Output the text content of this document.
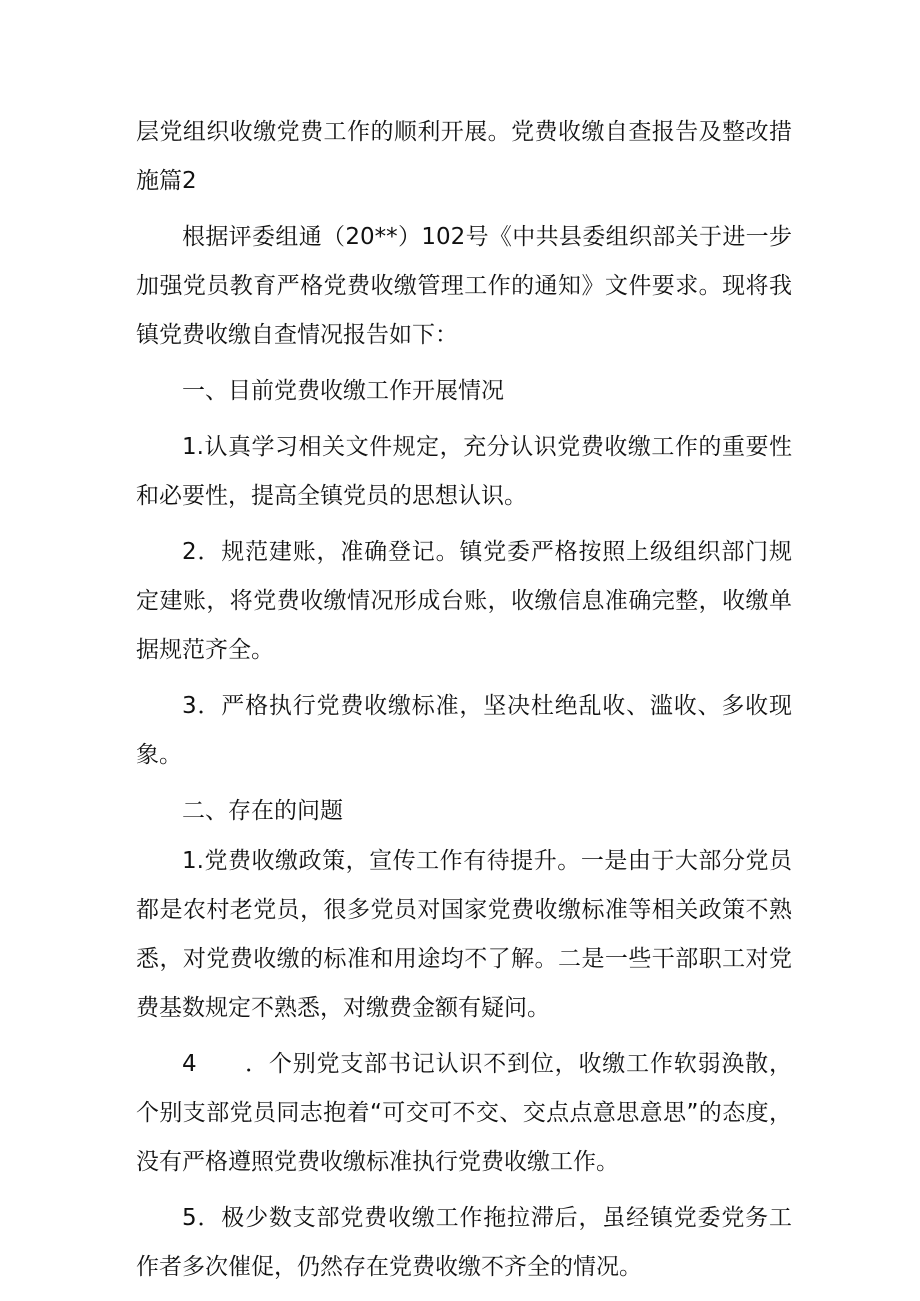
层党组织收缴党费工作的顺利开展。党费收缴自查报告及整改措施篇2

根据评委组通（20**）102号《中共县委组织部关于进一步加强党员教育严格党费收缴管理工作的通知》文件要求。现将我镇党费收缴自查情况报告如下：

一、目前党费收缴工作开展情况

1.认真学习相关文件规定，充分认识党费收缴工作的重要性和必要性，提高全镇党员的思想认识。

2．规范建账，准确登记。镇党委严格按照上级组织部门规定建账，将党费收缴情况形成台账，收缴信息准确完整，收缴单据规范齐全。

3．严格执行党费收缴标准，坚决杜绝乱收、滥收、多收现象。

二、存在的问题

1.党费收缴政策，宣传工作有待提升。一是由于大部分党员都是农村老党员，很多党员对国家党费收缴标准等相关政策不熟悉，对党费收缴的标准和用途均不了解。二是一些干部职工对党费基数规定不熟悉，对缴费金额有疑问。

4　　．个别党支部书记认识不到位，收缴工作软弱涣散，个别支部党员同志抱着“可交可不交、交点点意思意思”的态度，没有严格遵照党费收缴标准执行党费收缴工作。

5．极少数支部党费收缴工作拖拉滞后，虽经镇党委党务工作者多次催促，仍然存在党费收缴不齐全的情况。
